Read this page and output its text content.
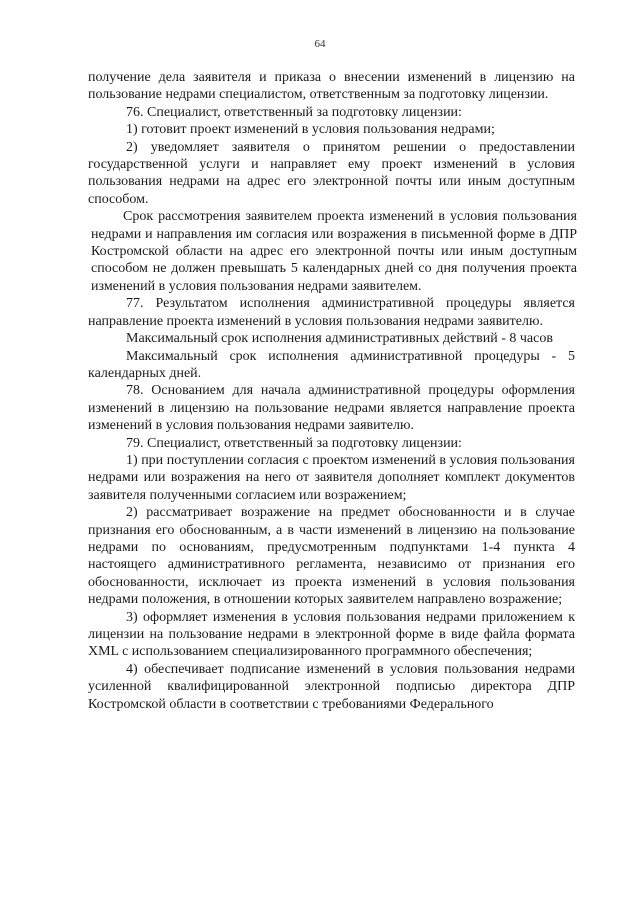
64

получение дела заявителя и приказа о внесении изменений в лицензию на пользование недрами специалистом, ответственным за подготовку лицензии.

76. Специалист, ответственный за подготовку лицензии:

1) готовит проект изменений в условия пользования недрами;

2) уведомляет заявителя о принятом решении о предоставлении государственной услуги и направляет ему проект изменений в условия пользования недрами на адрес его электронной почты или иным доступным способом.

Срок рассмотрения заявителем проекта изменений в условия пользования недрами и направления им согласия или возражения в письменной форме в ДПР Костромской области на адрес его электронной почты или иным доступным способом не должен превышать 5 календарных дней со дня получения проекта изменений в условия пользования недрами заявителем.

77. Результатом исполнения административной процедуры является направление проекта изменений в условия пользования недрами заявителю.

Максимальный срок исполнения административных действий - 8 часов

Максимальный срок исполнения административной процедуры - 5 календарных дней.

78. Основанием для начала административной процедуры оформления изменений в лицензию на пользование недрами является направление проекта изменений в условия пользования недрами заявителю.

79. Специалист, ответственный за подготовку лицензии:

1) при поступлении согласия с проектом изменений в условия пользования недрами или возражения на него от заявителя дополняет комплект документов заявителя полученными согласием или возражением;

2) рассматривает возражение на предмет обоснованности и в случае признания его обоснованным, а в части изменений в лицензию на пользование недрами по основаниям, предусмотренным подпунктами 1-4 пункта 4 настоящего административного регламента, независимо от признания его обоснованности, исключает из проекта изменений в условия пользования недрами положения, в отношении которых заявителем направлено возражение;

3) оформляет изменения в условия пользования недрами приложением к лицензии на пользование недрами в электронной форме в виде файла формата XML с использованием специализированного программного обеспечения;

4) обеспечивает подписание изменений в условия пользования недрами усиленной квалифицированной электронной подписью директора ДПР Костромской области в соответствии с требованиями Федерального
